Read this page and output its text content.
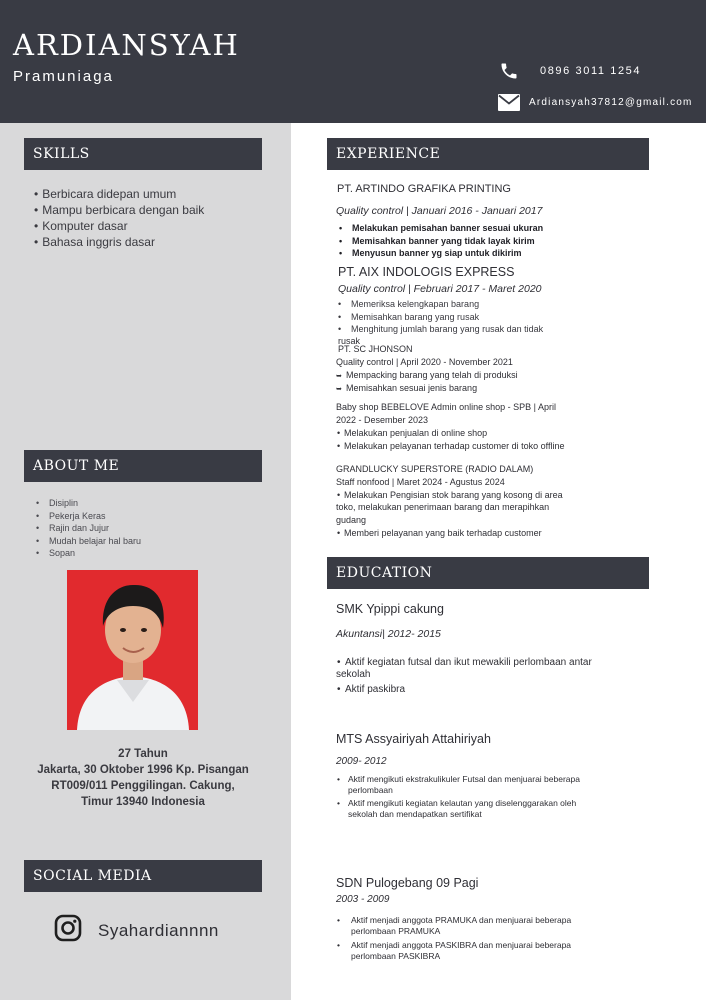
ARDIANSYAH
Pramuniaga	0896 3011 1254
Ardiansyah37812@gmail.com
SKILLS
• Berbicara didepan umum
• Mampu berbicara dengan baik
• Komputer dasar
• Bahasa inggris dasar
ABOUT ME
• Disiplin
• Pekerja Keras
• Rajin dan Jujur
• Mudah belajar hal baru
• Sopan

27 Tahun

Jakarta, 30 Oktober 1996 Kp. Pisangan

RT009/011 Penggilingan. Cakung,

Timur 13940 Indonesia

SOCIAL MEDIA
Syahardiannnn
EXPERIENCE
PT. ARTINDO GRAFIKA PRINTING
Quality control | Januari 2016 - Januari 2017
• Melakukan pemisahan banner sesuai ukuran
• Memisahkan banner yang tidak layak kirim
• Menyusun banner yg siap untuk dikirim
PT. AIX INDOLOGIS EXPRESS
Quality control | Februari 2017 - Maret 2020
• Memeriksa kelengkapan barang
• Memisahkan barang yang rusak
• Menghitung jumlah barang yang rusak dan tidak
rusak
PT. SC JHONSON
Quality control | April 2020 - November 2021
➥ Mempacking barang yang telah di produksi
➥ Memisahkan sesuai jenis barang
Baby shop BEBELOVE Admin online shop - SPB | April
2022 - Desember 2023
• Melakukan penjualan di online shop
• Melakukan pelayanan terhadap customer di toko offline
GRANDLUCKY SUPERSTORE (RADIO DALAM)
Staff nonfood | Maret 2024 - Agustus 2024
• Melakukan Pengisian stok barang yang kosong di area
toko, melakukan penerimaan barang dan merapihkan
gudang
• Memberi pelayanan yang baik terhadap customer
EDUCATION
SMK Ypippi cakung
Akuntansi| 2012- 2015
• Aktif kegiatan futsal dan ikut mewakili perlombaan antar
sekolah
• Aktif paskibra
MTS Assyairiyah Attahiriyah
2009- 2012
• Aktif mengikuti ekstrakulikuler Futsal dan menjuarai beberapa
perlombaan
• Aktif mengikuti kegiatan kelautan yang diselenggarakan oleh
sekolah dan mendapatkan sertifikat
SDN Pulogebang 09 Pagi
2003 - 2009
• Aktif menjadi anggota PRAMUKA dan menjuarai beberapa
perlombaan PRAMUKA
• Aktif menjadi anggota PASKIBRA dan menjuarai beberapa
perlombaan PASKIBRA
